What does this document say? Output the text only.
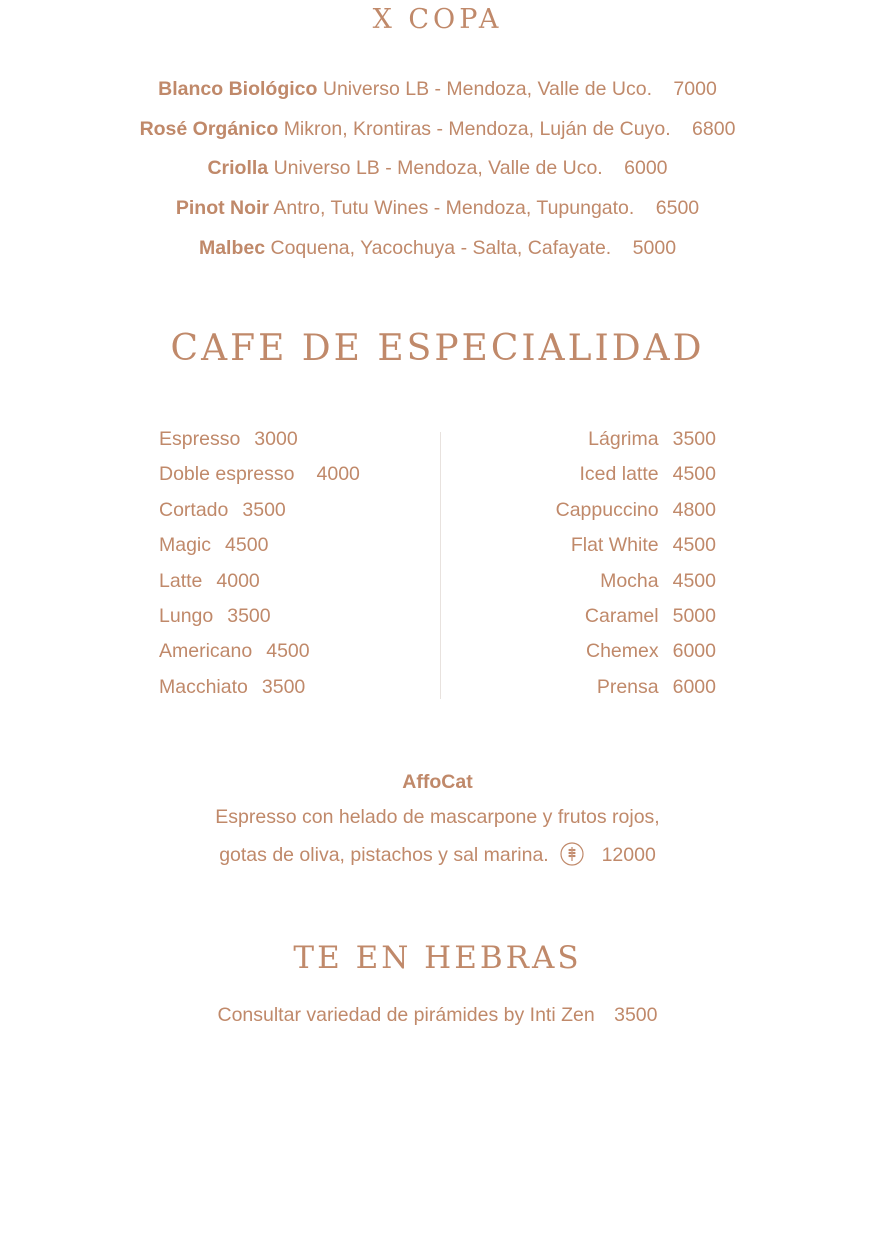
X COPA
Blanco Biológico Universo LB - Mendoza, Valle de Uco. 7000
Rosé Orgánico Mikron, Krontiras - Mendoza, Luján de Cuyo. 6800
Criolla Universo LB - Mendoza, Valle de Uco. 6000
Pinot Noir Antro, Tutu Wines - Mendoza, Tupungato. 6500
Malbec Coquena, Yacochuya - Salta, Cafayate. 5000
CAFE DE ESPECIALIDAD
Espresso 3000
Doble espresso 4000
Cortado 3500
Magic 4500
Latte 4000
Lungo 3500
Americano 4500
Macchiato 3500
Lágrima 3500
Iced latte 4500
Cappuccino 4800
Flat White 4500
Mocha 4500
Caramel 5000
Chemex 6000
Prensa 6000
AffoCat
Espresso con helado de mascarpone y frutos rojos,
gotas de oliva, pistachos y sal marina.	12000
TE EN HEBRAS
Consultar variedad de pirámides by Inti Zen 3500
